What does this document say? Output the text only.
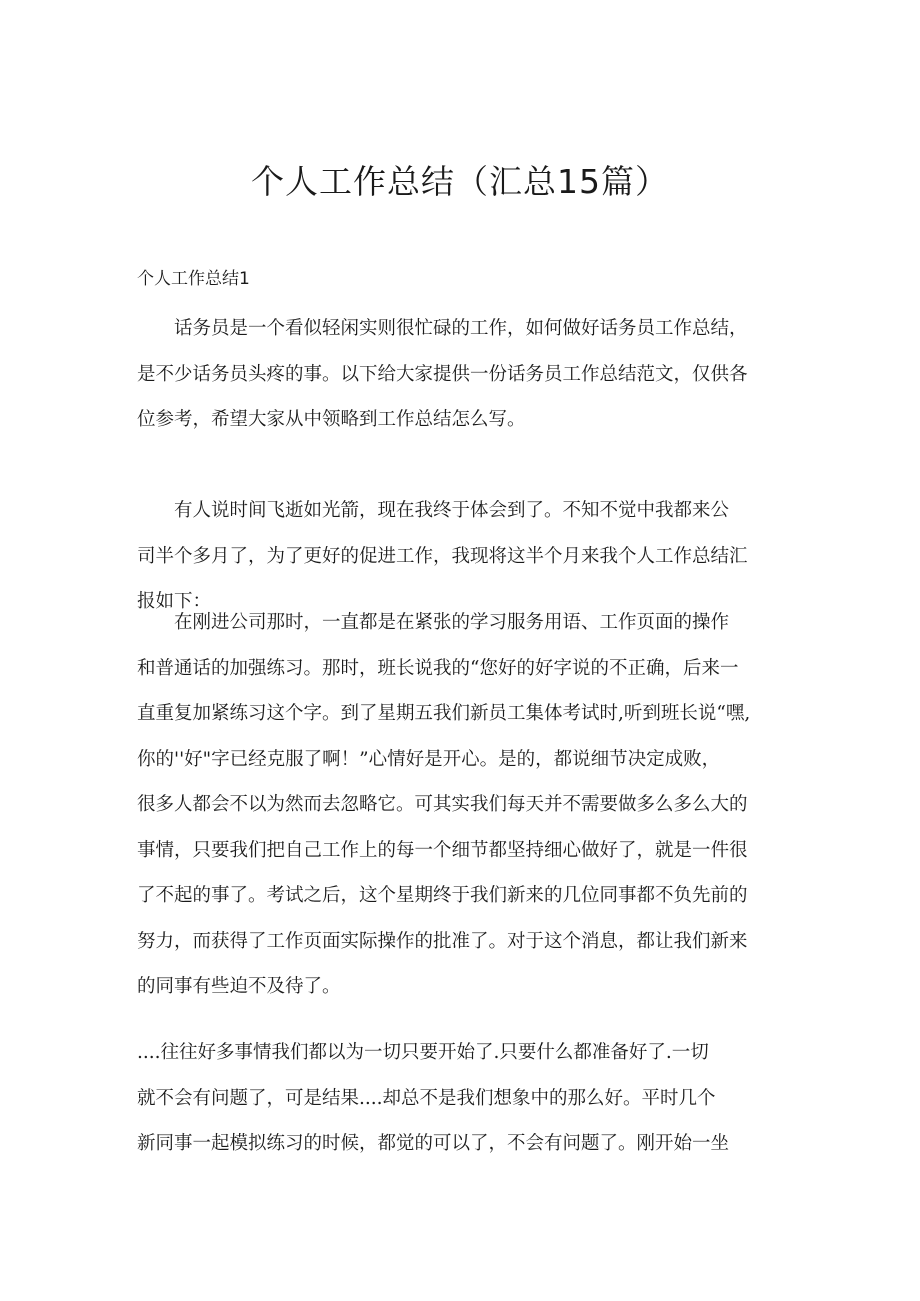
个人工作总结（汇总15篇）
个人工作总结1

话务员是一个看似轻闲实则很忙碌的工作，如何做好话务员工作总结，
是不少话务员头疼的事。以下给大家提供一份话务员工作总结范文，仅供各
位参考，希望大家从中领略到工作总结怎么写。

有人说时间飞逝如光箭，现在我终于体会到了。不知不觉中我都来公
司半个多月了，为了更好的促进工作，我现将这半个月来我个人工作总结汇
报如下：

在刚进公司那时，一直都是在紧张的学习服务用语、工作页面的操作
和普通话的加强练习。那时，班长说我的“您好的好字说的不正确，后来一
直重复加紧练习这个字。到了星期五我们新员工集体考试时,听到班长说“嘿,
你的''好"字已经克服了啊！”心情好是开心。是的，都说细节决定成败，
很多人都会不以为然而去忽略它。可其实我们每天并不需要做多么多么大的
事情，只要我们把自己工作上的每一个细节都坚持细心做好了，就是一件很
了不起的事了。考试之后，这个星期终于我们新来的几位同事都不负先前的
努力，而获得了工作页面实际操作的批准了。对于这个消息，都让我们新来
的同事有些迫不及待了。

....往往好多事情我们都以为一切只要开始了.只要什么都准备好了.一切
就不会有问题了，可是结果....却总不是我们想象中的那么好。平时几个
新同事一起模拟练习的时候，都觉的可以了，不会有问题了。刚开始一坐
